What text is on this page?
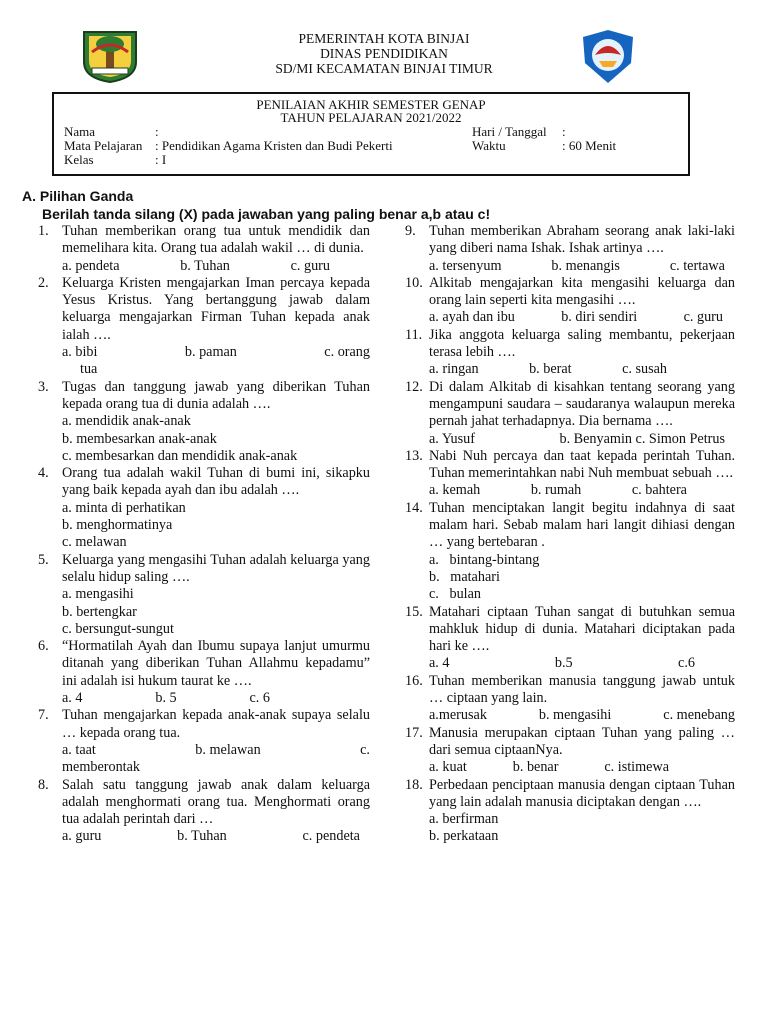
PEMERINTAH KOTA BINJAI
DINAS PENDIDIKAN
SD/MI KECAMATAN BINJAI TIMUR
PENILAIAN AKHIR SEMESTER GENAP
TAHUN PELAJARAN 2021/2022
Nama	:
Mata Pelajaran : Pendidikan Agama Kristen dan Budi Pekerti
Kelas	: I
Hari / Tanggal :
Waktu	: 60 Menit
A. Pilihan Ganda
Berilah tanda silang (X) pada jawaban yang paling benar a,b atau c!
1. Tuhan memberikan orang tua untuk mendidik dan memelihara kita. Orang tua adalah wakil … di dunia.
a. pendeta	b. Tuhan	c. guru
2. Keluarga Kristen mengajarkan Iman percaya kepada Yesus Kristus. Yang bertanggung jawab dalam keluarga mengajarkan Firman Tuhan kepada anak ialah ….
a. bibi	b. paman	c. orang
tua
3. Tugas dan tanggung jawab yang diberikan Tuhan kepada orang tua di dunia adalah ….
a. mendidik anak-anak
b. membesarkan anak-anak
c. membesarkan dan mendidik anak-anak
4. Orang tua adalah wakil Tuhan di bumi ini, sikapku yang baik kepada ayah dan ibu adalah ….
a. minta di perhatikan
b. menghormatinya
c. melawan
5. Keluarga yang mengasihi Tuhan adalah keluarga yang selalu hidup saling ….
a. mengasihi
b. bertengkar
c. bersungut-sungut
6. “Hormatilah Ayah dan Ibumu supaya lanjut umurmu ditanah yang diberikan Tuhan Allahmu kepadamu” ini adalah isi hukum taurat ke ….
a. 4	b. 5	c. 6
7. Tuhan mengajarkan kepada anak-anak supaya selalu … kepada orang tua.
a. taat	b. melawan	c.
memberontak
8. Salah satu tanggung jawab anak dalam keluarga adalah menghormati orang tua. Menghormati orang tua adalah perintah dari …
a. guru	b. Tuhan	c. pendeta
9. Tuhan memberikan Abraham seorang anak laki-laki yang diberi nama Ishak. Ishak artinya ….
a. tersenyum	b. menangis	c. tertawa
10. Alkitab mengajarkan kita mengasihi keluarga dan orang lain seperti kita mengasihi ….
a. ayah dan ibu	b. diri sendiri	c. guru
11. Jika anggota keluarga saling membantu, pekerjaan terasa lebih ….
a. ringan	b. berat	c. susah
12. Di dalam Alkitab di kisahkan tentang seorang yang mengampuni saudara – saudaranya walaupun mereka pernah jahat terhadapnya. Dia bernama ….
a. Yusuf	b. Benyamin c. Simon Petrus
13. Nabi Nuh percaya dan taat kepada perintah Tuhan. Tuhan memerintahkan nabi Nuh membuat sebuah ….
a. kemah	b. rumah	c. bahtera
14. Tuhan menciptakan langit begitu indahnya di saat malam hari. Sebab malam hari langit dihiasi dengan … yang bertebaran .
a.   bintang-bintang
b.   matahari
c.   bulan
15. Matahari ciptaan Tuhan sangat di butuhkan semua mahkluk hidup di dunia. Matahari diciptakan pada hari ke ….
a. 4	b.5	c.6
16. Tuhan memberikan manusia tanggung jawab untuk … ciptaan yang lain.
a.merusak	b. mengasihi	c. menebang
17. Manusia merupakan ciptaan Tuhan yang paling … dari semua ciptaanNya.
a. kuat	b. benar	c. istimewa
18. Perbedaan penciptaan manusia dengan ciptaan Tuhan yang lain adalah manusia diciptakan dengan ….
a. berfirman
b. perkataan
